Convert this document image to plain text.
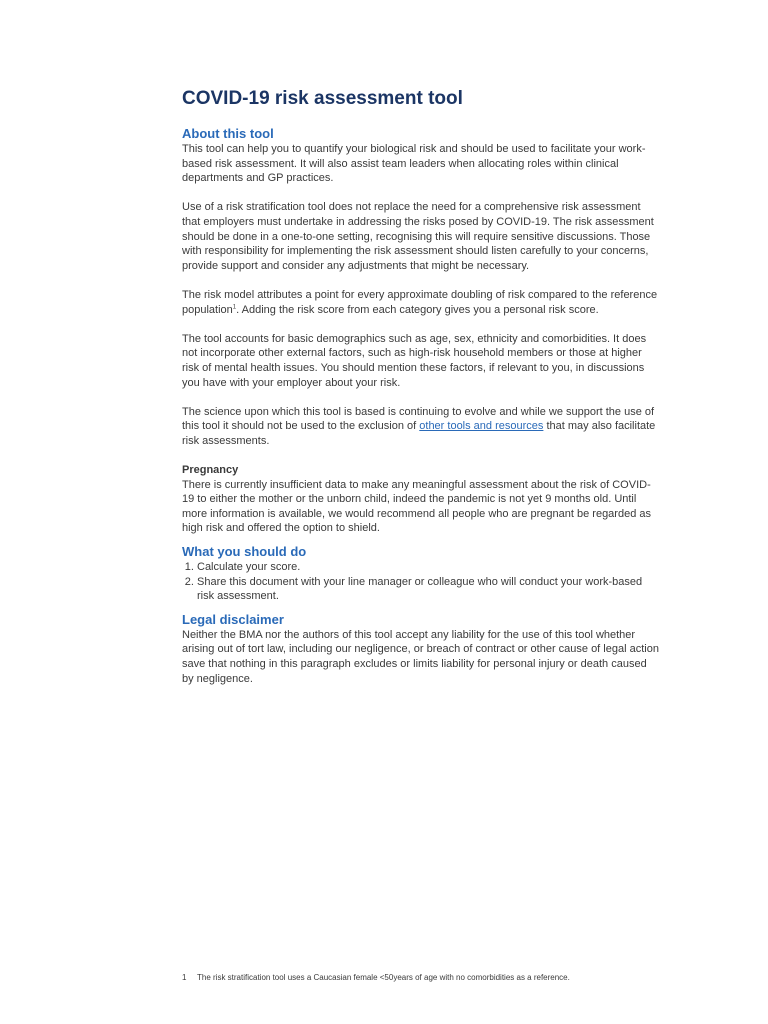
COVID-19 risk assessment tool
About this tool

This tool can help you to quantify your biological risk and should be used to facilitate your work-based risk assessment. It will also assist team leaders when allocating roles within clinical departments and GP practices.

Use of a risk stratification tool does not replace the need for a comprehensive risk assessment that employers must undertake in addressing the risks posed by COVID-19. The risk assessment should be done in a one-to-one setting, recognising this will require sensitive discussions. Those with responsibility for implementing the risk assessment should listen carefully to your concerns, provide support and consider any adjustments that might be necessary.

The risk model attributes a point for every approximate doubling of risk compared to the reference population$^1$. Adding the risk score from each category gives you a personal risk score.

The tool accounts for basic demographics such as age, sex, ethnicity and comorbidities. It does not incorporate other external factors, such as high-risk household members or those at higher risk of mental health issues. You should mention these factors, if relevant to you, in discussions you have with your employer about your risk.

The science upon which this tool is based is continuing to evolve and while we support the use of this tool it should not be used to the exclusion of other tools and resources that may also facilitate risk assessments.

Pregnancy

There is currently insufficient data to make any meaningful assessment about the risk of COVID-19 to either the mother or the unborn child, indeed the pandemic is not yet 9 months old. Until more information is available, we would recommend all people who are pregnant be regarded as high risk and offered the option to shield.

What you should do
1. Calculate your score.
2. Share this document with your line manager or colleague who will conduct your work-based risk assessment.
Legal disclaimer

Neither the BMA nor the authors of this tool accept any liability for the use of this tool whether arising out of tort law, including our negligence, or breach of contract or other cause of legal action save that nothing in this paragraph excludes or limits liability for personal injury or death caused by negligence.

1	The risk stratification tool uses a Caucasian female <50years of age with no comorbidities as a reference.
